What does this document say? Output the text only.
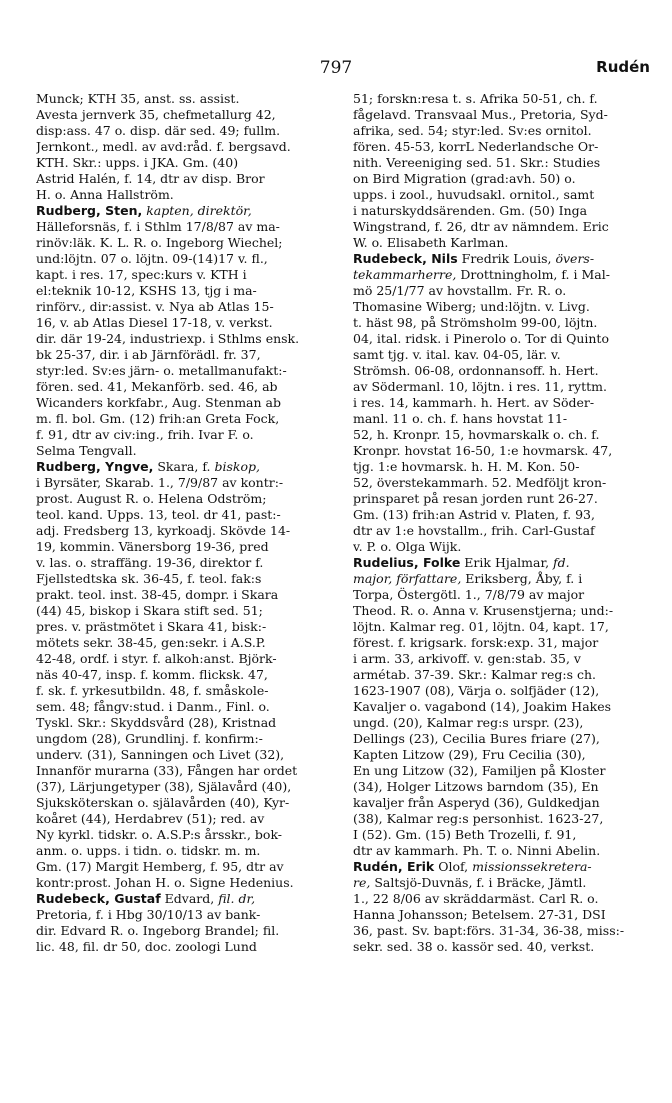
797	Rudén
Munck; KTH 35, anst. ss. assist.
Avesta jernverk 35, chefmetallurg 42,
disp:ass. 47 o. disp. där sed. 49; fullm.
Jernkont., medl. av avd:råd. f. bergsavd.
KTH. Skr.: upps. i JKA. Gm. (40)
Astrid Halén, f. 14, dtr av disp. Bror
H. o. Anna Hallström.
Rudberg, Sten, kapten, direktör,
Hälleforsnäs, f. i Sthlm 17/8/87 av ma-
rinöv:läk. K. L. R. o. Ingeborg Wiechel;
und:löjtn. 07 o. löjtn. 09-(14)17 v. fl.,
kapt. i res. 17, spec:kurs v. KTH i
el:teknik 10-12, KSHS 13, tjg i ma-
rinförv., dir:assist. v. Nya ab Atlas 15-
16, v. ab Atlas Diesel 17-18, v. verkst.
dir. där 19-24, industriexp. i Sthlms ensk.
bk 25-37, dir. i ab Järnförädl. fr. 37,
styr:led. Sv:es järn- o. metallmanufakt:-
fören. sed. 41, Mekanförb. sed. 46, ab
Wicanders korkfabr., Aug. Stenman ab
m. fl. bol. Gm. (12) frih:an Greta Fock,
f. 91, dtr av civ:ing., frih. Ivar F. o.
Selma Tengvall.
Rudberg, Yngve, Skara, f. biskop,
i Byrsäter, Skarab. 1., 7/9/87 av kontr:-
prost. August R. o. Helena Odström;
teol. kand. Upps. 13, teol. dr 41, past:-
adj. Fredsberg 13, kyrkoadj. Skövde 14-
19, kommin. Vänersborg 19-36, pred
v. las. o. straffäng. 19-36, direktor f.
Fjellstedtska sk. 36-45, f. teol. fak:s
prakt. teol. inst. 38-45, dompr. i Skara
(44) 45, biskop i Skara stift sed. 51;
pres. v. prästmötet i Skara 41, bisk:-
mötets sekr. 38-45, gen:sekr. i A.S.P.
42-48, ordf. i styr. f. alkoh:anst. Björk-
näs 40-47, insp. f. komm. flicksk. 47,
f. sk. f. yrkesutbildn. 48, f. småskole-
sem. 48; fångv:stud. i Danm., Finl. o.
Tyskl. Skr.: Skyddsvård (28), Kristnad
ungdom (28), Grundlinj. f. konfirm:-
underv. (31), Sanningen och Livet (32),
Innanför murarna (33), Fången har ordet
(37), Lärjungetyper (38), Själavård (40),
Sjuksköterskan o. själavården (40), Kyr-
koåret (44), Herdabrev (51); red. av
Ny kyrkl. tidskr. o. A.S.P:s årsskr., bok-
anm. o. upps. i tidn. o. tidskr. m. m.
Gm. (17) Margit Hemberg, f. 95, dtr av
kontr:prost. Johan H. o. Signe Hedenius.
Rudebeck, Gustaf Edvard, fil. dr,
Pretoria, f. i Hbg 30/10/13 av bank-
dir. Edvard R. o. Ingeborg Brandel; fil.
lic. 48, fil. dr 50, doc. zoologi Lund
51; forskn:resa t. s. Afrika 50-51, ch. f.
fågelavd. Transvaal Mus., Pretoria, Syd-
afrika, sed. 54; styr:led. Sv:es ornitol.
fören. 45-53, korrL Nederlandsche Or-
nith. Vereeniging sed. 51. Skr.: Studies
on Bird Migration (grad:avh. 50) o.
upps. i zool., huvudsakl. ornitol., samt
i naturskyddsärenden. Gm. (50) Inga
Wingstrand, f. 26, dtr av nämndem. Eric
W. o. Elisabeth Karlman.
Rudebeck, Nils Fredrik Louis, övers-
tekammarherre, Drottningholm, f. i Mal-
mö 25/1/77 av hovstallm. Fr. R. o.
Thomasine Wiberg; und:löjtn. v. Livg.
t. häst 98, på Strömsholm 99-00, löjtn.
04, ital. ridsk. i Pinerolo o. Tor di Quinto
samt tjg. v. ital. kav. 04-05, lär. v.
Strömsh. 06-08, ordonnansoff. h. Hert.
av Södermanl. 10, löjtn. i res. 11, ryttm.
i res. 14, kammarh. h. Hert. av Söder-
manl. 11 o. ch. f. hans hovstat 11-
52, h. Kronpr. 15, hovmarskalk o. ch. f.
Kronpr. hovstat 16-50, 1:e hovmarsk. 47,
tjg. 1:e hovmarsk. h. H. M. Kon. 50-
52, överstekammarh. 52. Medföljt kron-
prinsparet på resan jorden runt 26-27.
Gm. (13) frih:an Astrid v. Platen, f. 93,
dtr av 1:e hovstallm., frih. Carl-Gustaf
v. P. o. Olga Wijk.
Rudelius, Folke Erik Hjalmar, fd.
major, författare, Eriksberg, Åby, f. i
Torpa, Östergötl. 1., 7/8/79 av major
Theod. R. o. Anna v. Krusenstjerna; und:-
löjtn. Kalmar reg. 01, löjtn. 04, kapt. 17,
förest. f. krigsark. forsk:exp. 31, major
i arm. 33, arkivoff. v. gen:stab. 35, v
armétab. 37-39. Skr.: Kalmar reg:s ch.
1623-1907 (08), Värja o. solfjäder (12),
Kavaljer o. vagabond (14), Joakim Hakes
ungd. (20), Kalmar reg:s urspr. (23),
Dellings (23), Cecilia Bures friare (27),
Kapten Litzow (29), Fru Cecilia (30),
En ung Litzow (32), Familjen på Kloster
(34), Holger Litzows barndom (35), En
kavaljer från Asperyd (36), Guldkedjan
(38), Kalmar reg:s personhist. 1623-27,
I (52). Gm. (15) Beth Trozelli, f. 91,
dtr av kammarh. Ph. T. o. Ninni Abelin.
Rudén, Erik Olof, missionssekretera-
re, Saltsjö-Duvnäs, f. i Bräcke, Jämtl.
1., 22 8/06 av skräddarmäst. Carl R. o.
Hanna Johansson; Betelsem. 27-31, DSI
36, past. Sv. bapt:förs. 31-34, 36-38, miss:-
sekr. sed. 38 o. kassör sed. 40, verkst.
